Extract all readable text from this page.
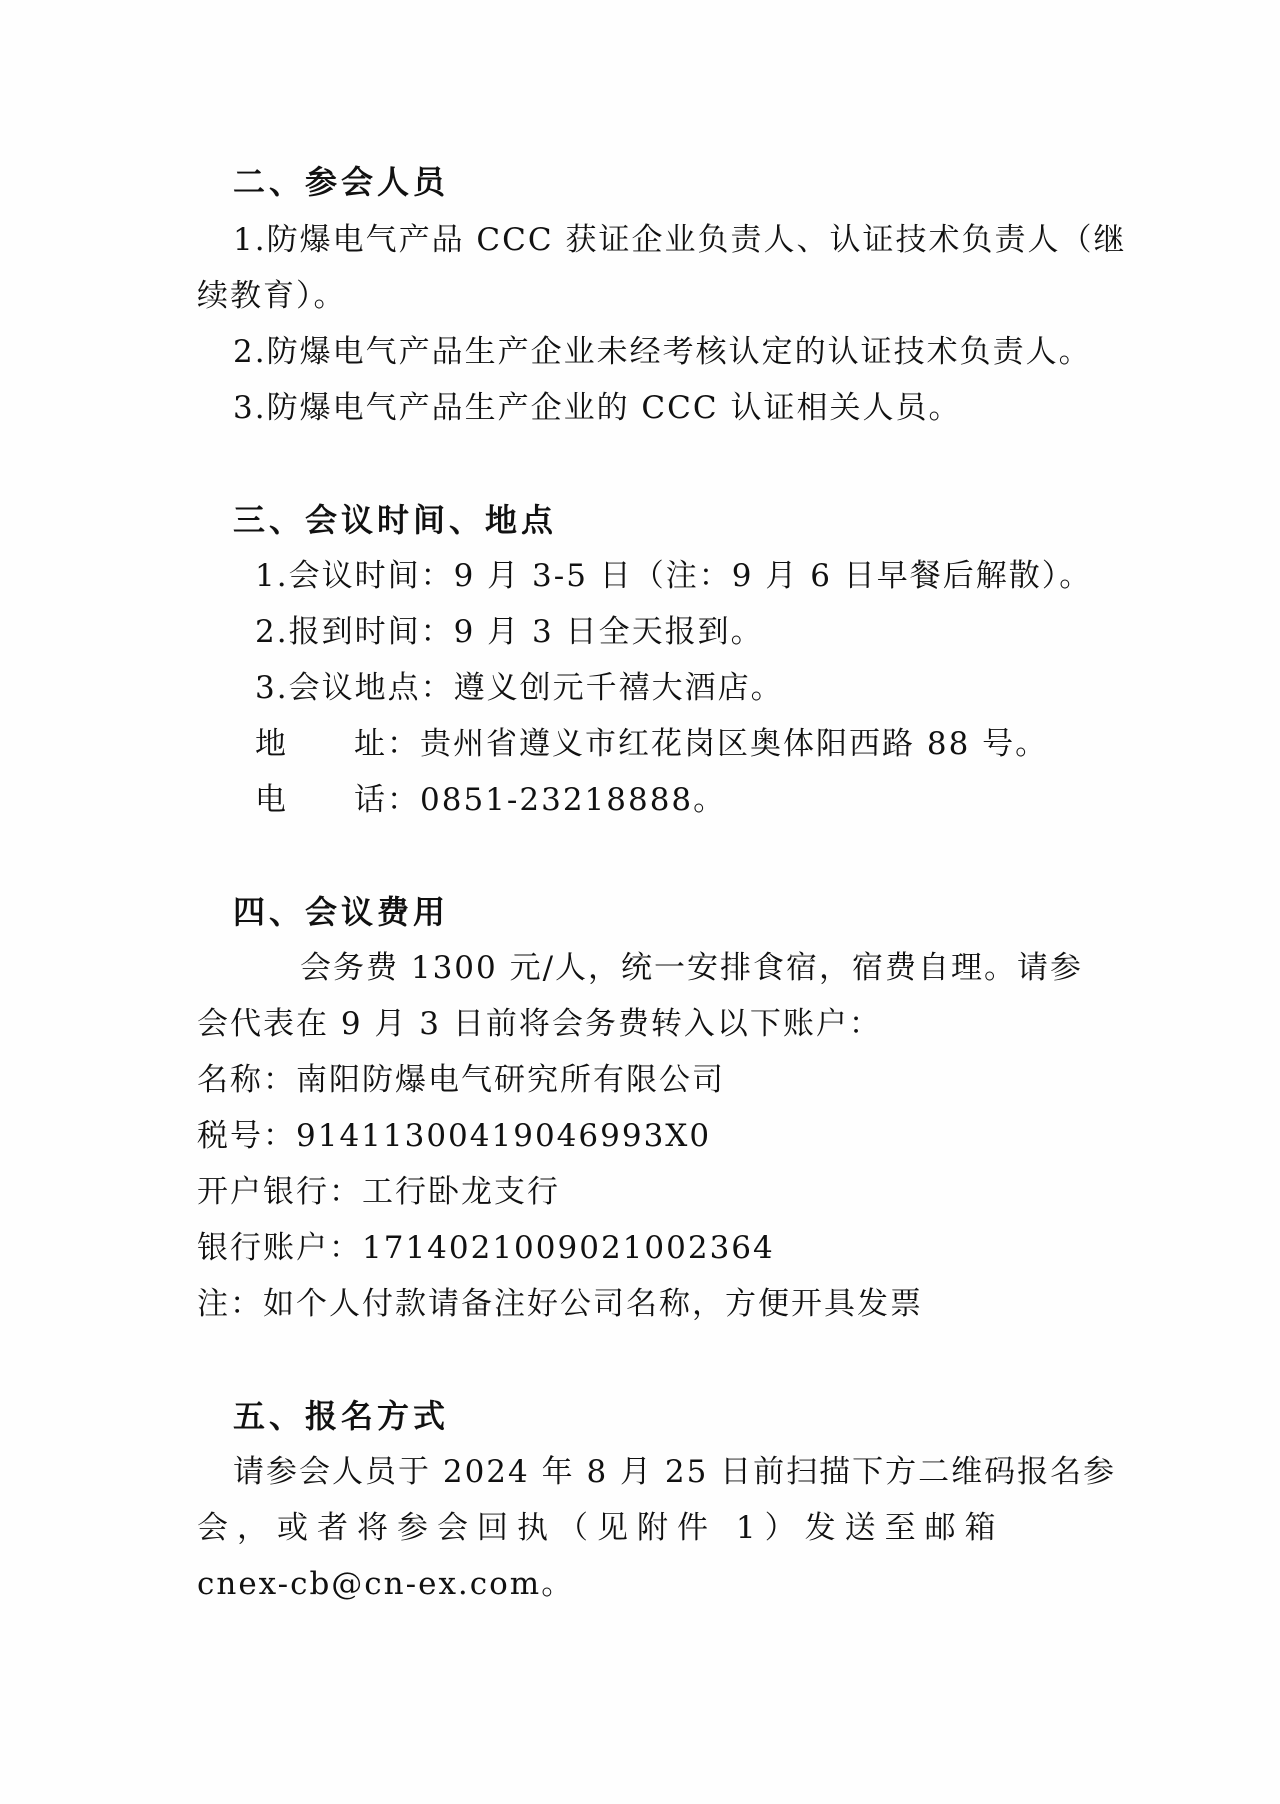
二、参会人员
1.防爆电气产品 CCC 获证企业负责人、认证技术负责人（继
续教育）。
2.防爆电气产品生产企业未经考核认定的认证技术负责人。
3.防爆电气产品生产企业的 CCC 认证相关人员。
三、会议时间、地点
1.会议时间：9 月 3-5 日（注：9 月 6 日早餐后解散）。
2.报到时间：9 月 3 日全天报到。
3.会议地点：遵义创元千禧大酒店。
地　　址：贵州省遵义市红花岗区奥体阳西路 88 号。
电　　话：0851-23218888。
四、会议费用
会务费 1300 元/人，统一安排食宿，宿费自理。请参
会代表在 9 月 3 日前将会务费转入以下账户：
名称：南阳防爆电气研究所有限公司
税号：91411300419046993X0
开户银行：工行卧龙支行
银行账户：1714021009021002364
注：如个人付款请备注好公司名称，方便开具发票
五、报名方式
请参会人员于 2024 年 8 月 25 日前扫描下方二维码报名参
会，或者将参会回执（见附件 1）发送至邮箱
cnex-cb@cn-ex.com。
